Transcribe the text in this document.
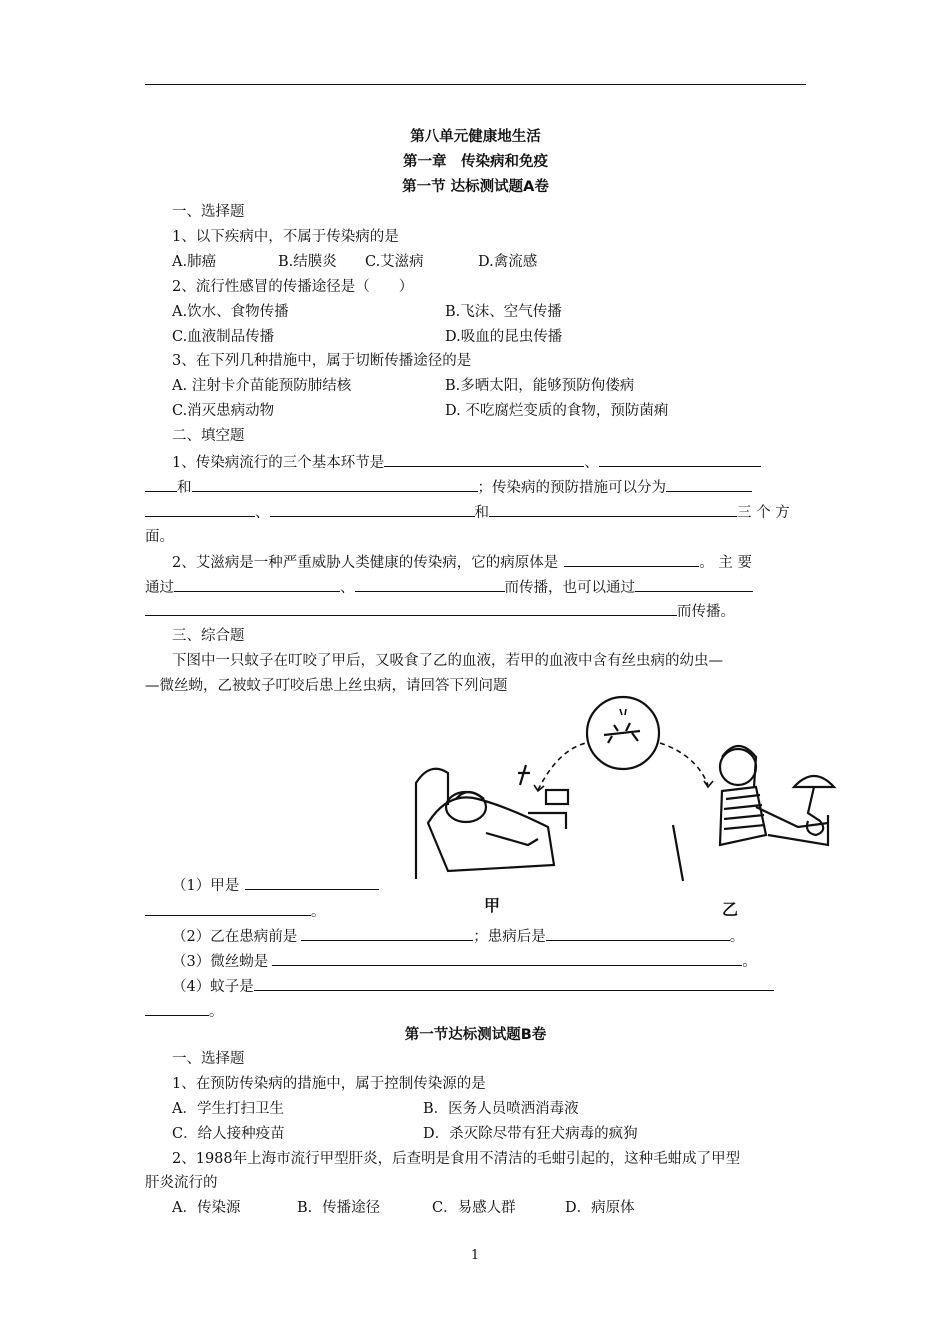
第八单元健康地生活
第一章　传染病和免疫
第一节 达标测试题A卷
一、选择题
1、以下疾病中，不属于传染病的是
A.肺癌	B.结膜炎 C.艾滋病	D.禽流感
2、流行性感冒的传播途径是（　　）
A.饮水、食物传播	B.飞沫、空气传播
C.血液制品传播	D.吸血的昆虫传播
3、在下列几种措施中，属于切断传播途径的是
A. 注射卡介苗能预防肺结核	B.多晒太阳，能够预防佝偻病
C.消灭患病动物	D. 不吃腐烂变质的食物，预防菌痢
二、填空题
1、传染病流行的三个基本环节是	、
和	；传染病的预防措施可以分为
、	和	三 个 方
面。
2、艾滋病是一种严重威胁人类健康的传染病，它的病原体是	。 主 要
通过	、	而传播，也可以通过
而传播。
三、综合题
下图中一只蚊子在叮咬了甲后，又吸食了乙的血液，若甲的血液中含有丝虫病的幼虫—
—微丝蚴，乙被蚊子叮咬后患上丝虫病，请回答下列问题
甲	乙
（1）甲是
。
（2）乙在患病前是	；患病后是	。
（3）微丝蚴是	。
（4）蚊子是
。
第一节达标测试题B卷
一、选择题
1、在预防传染病的措施中，属于控制传染源的是
A．学生打扫卫生	B．医务人员喷洒消毒液
C．给人接种疫苗	D．杀灭除尽带有狂犬病毒的疯狗
2、1988年上海市流行甲型肝炎，后查明是食用不清洁的毛蚶引起的，这种毛蚶成了甲型
肝炎流行的
A．传染源	B．传播途径	C．易感人群	D．病原体
1
